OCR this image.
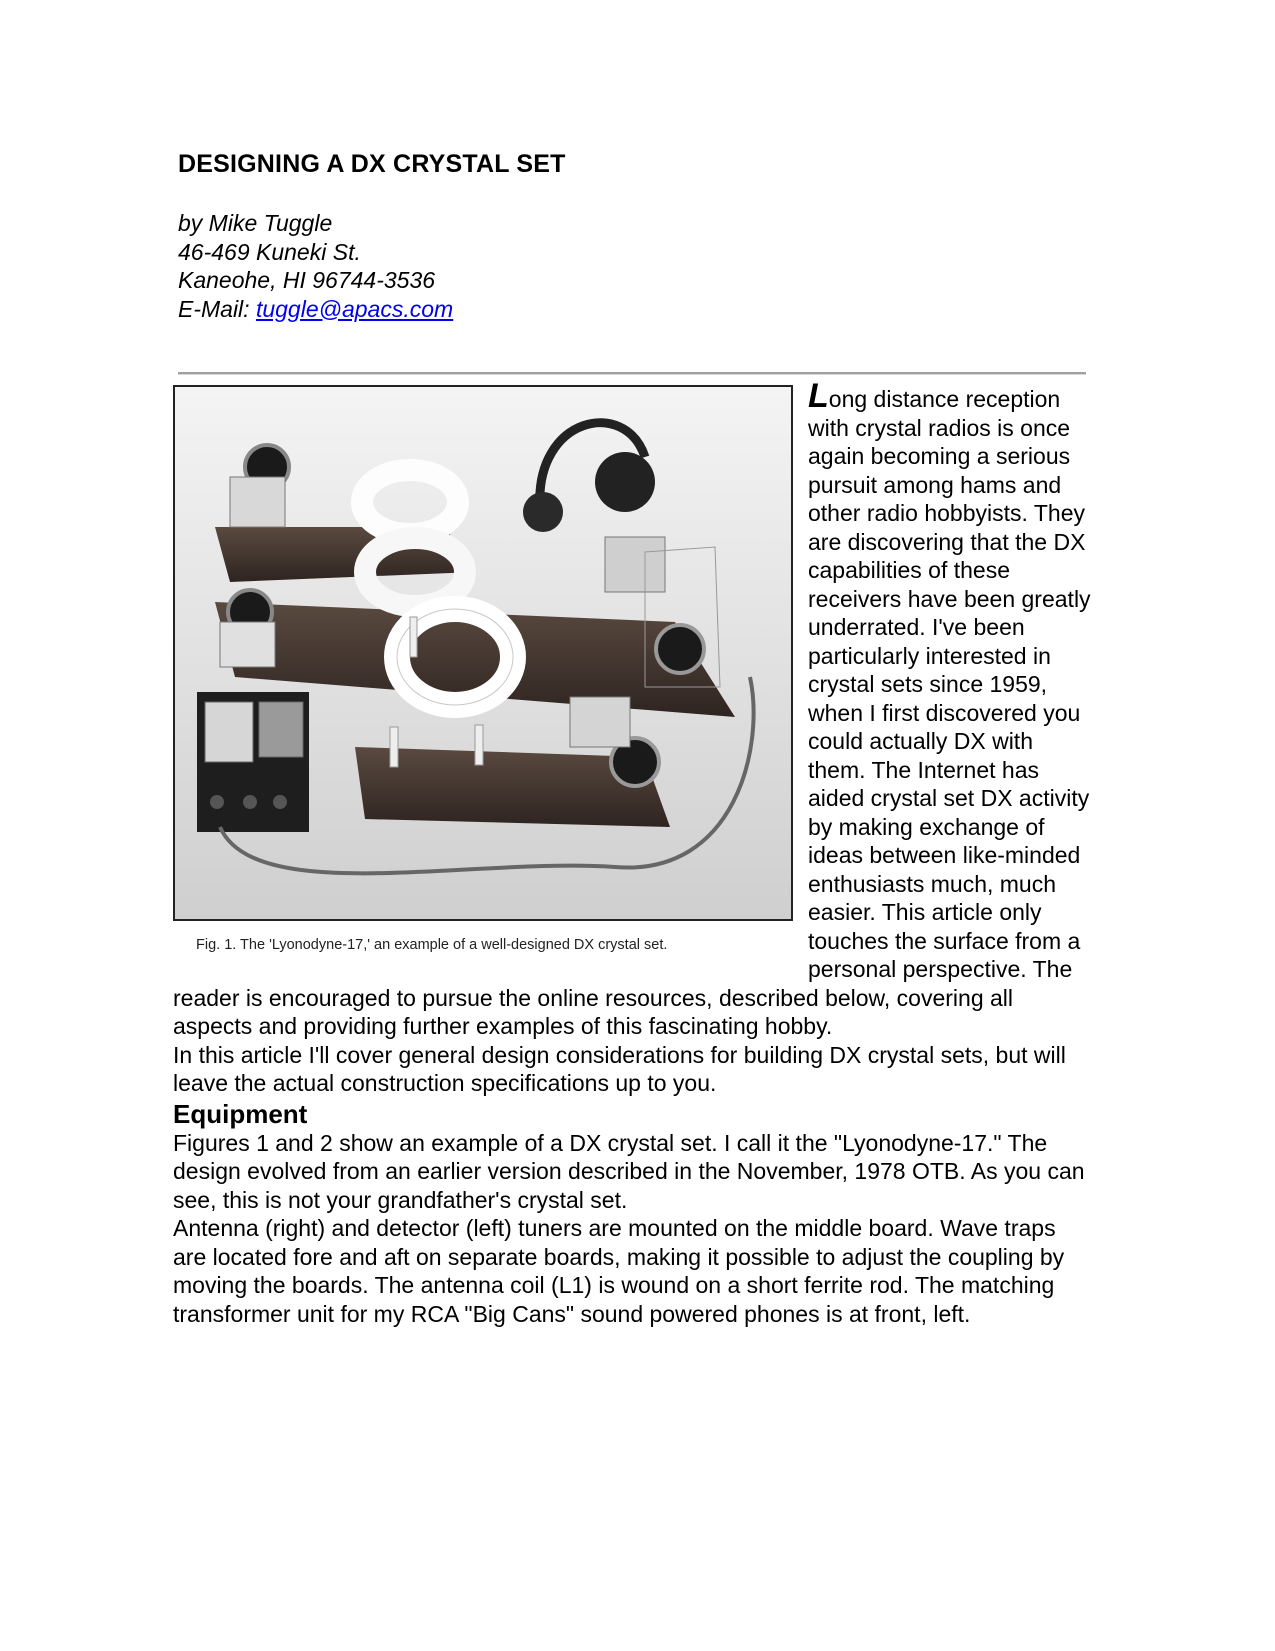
DESIGNING A DX CRYSTAL SET
by Mike Tuggle
46-469 Kuneki St.
Kaneohe, HI 96744-3536
E-Mail: tuggle@apacs.com
Fig. 1. The 'Lyonodyne-17,' an example of a well-designed DX crystal set.

Long distance reception with crystal radios is once again becoming a serious pursuit among hams and other radio hobbyists. They are discovering that the DX capabilities of these receivers have been greatly underrated. I've been particularly interested in crystal sets since 1959, when I first discovered you could actually DX with them. The Internet has aided crystal set DX activity by making exchange of ideas between like-minded enthusiasts much, much easier. This article only touches the surface from a personal perspective. The reader is encouraged to pursue the online resources, described below, covering all aspects and providing further examples of this fascinating hobby.

In this article I'll cover general design considerations for building DX crystal sets, but will leave the actual construction specifications up to you.

Equipment

Figures 1 and 2 show an example of a DX crystal set. I call it the "Lyonodyne-17." The design evolved from an earlier version described in the November, 1978 OTB. As you can see, this is not your grandfather's crystal set.

Antenna (right) and detector (left) tuners are mounted on the middle board. Wave traps are located fore and aft on separate boards, making it possible to adjust the coupling by moving the boards. The antenna coil (L1) is wound on a short ferrite rod. The matching transformer unit for my RCA "Big Cans" sound powered phones is at front, left.
